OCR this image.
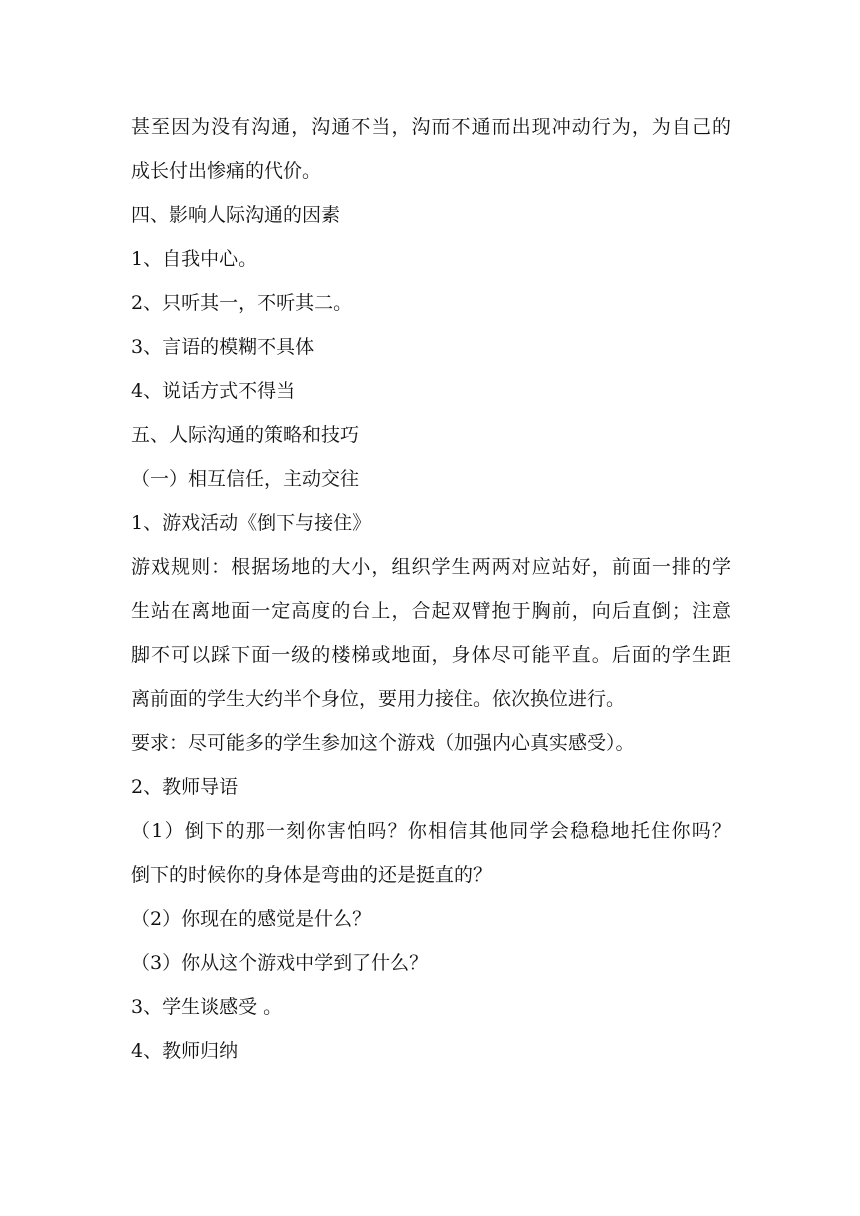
甚至因为没有沟通，沟通不当，沟而不通而出现冲动行为，为自己的
成长付出惨痛的代价。
四、影响人际沟通的因素
1、自我中心。
2、只听其一，不听其二。
3、言语的模糊不具体
4、说话方式不得当
五、人际沟通的策略和技巧
（一）相互信任，主动交往
1、游戏活动《倒下与接住》
游戏规则：根据场地的大小，组织学生两两对应站好，前面一排的学
生站在离地面一定高度的台上，合起双臂抱于胸前，向后直倒；注意
脚不可以踩下面一级的楼梯或地面，身体尽可能平直。后面的学生距
离前面的学生大约半个身位，要用力接住。依次换位进行。
要求：尽可能多的学生参加这个游戏（加强内心真实感受）。
2、教师导语
（1）倒下的那一刻你害怕吗？你相信其他同学会稳稳地托住你吗？
倒下的时候你的身体是弯曲的还是挺直的？
（2）你现在的感觉是什么？
（3）你从这个游戏中学到了什么？
3、学生谈感受 。
4、教师归纳
